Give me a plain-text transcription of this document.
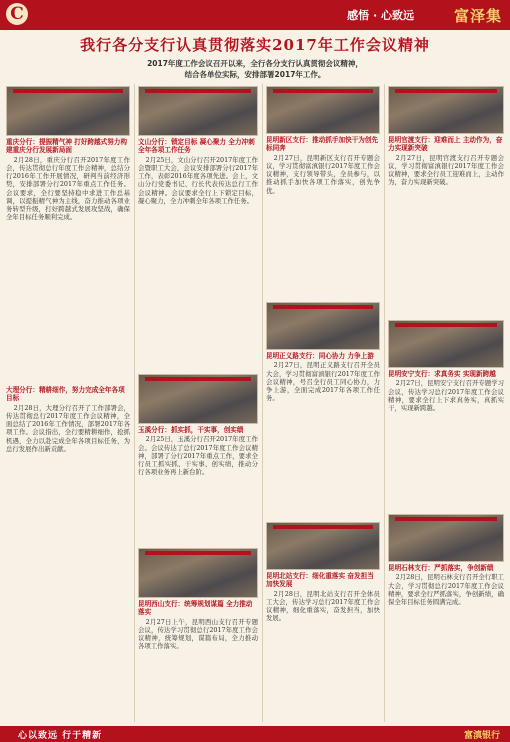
C	感悟 · 心致远	富泽集
我行各分支行认真贯彻落实2017年工作会议精神
2017年度工作会议召开以来，全行各分支行认真贯彻会议精神，
结合各单位实际，安排部署2017年工作。
重庆分行：提振精气神 打好跨越式努力构建重庆分行发展新局面
2月28日，重庆分行召开2017年度工作会，传达贯彻总行年度工作会精神，总结分行2016年工作开展情况，研判当前经济形势，安排部署分行2017年重点工作任务。会议要求，全行要坚持稳中求进工作总基调，以提振精气神为主线，奋力推动各项业务转型升级，打好跨越式发展攻坚战，确保全年目标任务顺利完成。
大理分行：精耕细作，努力完成全年各项目标
2月28日，大理分行召开了工作部署会，传达贯彻总行2017年度工作会议精神，全面总结了2016年工作情况，部署2017年各项工作。会议指出，全行要精耕细作，抢抓机遇，全力以赴完成全年各项目标任务，为总行发展作出新贡献。
文山分行：锁定目标 凝心聚力 全力冲刺全年各项工作任务
2月25日，文山分行召开2017年度工作会暨职工大会，会议安排部署分行2017年工作，表彰2016年度各项先进。会上，文山分行党委书记、行长代表传达总行工作会议精神。会议要求全行上下锁定目标，凝心聚力，全力冲刺全年各项工作任务。
玉溪分行：抓实抓，干实事，创实绩
2月25日，玉溪分行召开2017年度工作会。会议传达了总行2017年度工作会议精神，部署了分行2017年重点工作，要求全行员工抓实抓、干实事、创实绩，推动分行各项业务再上新台阶。
昆明西山支行：统筹规划谋篇 全力推动落实
2月27日上午，昆明西山支行召开专题会议，传达学习贯彻总行2017年度工作会议精神，统筹规划，谋篇布局，全力推动各项工作落实。
昆明新区支行：推动抓手加快干为创先标同奔
2月27日，昆明新区支行召开专题会议，学习贯彻富滇银行2017年度工作会议精神，支行领导带头，全员参与，以推动抓手加快各项工作落实，创先争优。
昆明正义路支行：同心协力 力争上游
2月27日，昆明正义路支行召开全员大会，学习贯彻富滇银行2017年度工作会议精神，号召全行员工同心协力，力争上游，全面完成2017年各项工作任务。
昆明北站支行：细化重落实 奋发担当加快发展
2月28日，昆明北站支行召开全体员工大会，传达学习总行2017年度工作会议精神，细化重落实，奋发担当，加快发展。
昆明官渡支行：迎难而上 主动作为，奋力实现新突破
2月27日，昆明官渡支行召开专题会议，学习贯彻富滇银行2017年度工作会议精神，要求全行员工迎难而上，主动作为，奋力实现新突破。
昆明安宁支行：求真务实 实现新跨越
2月27日，昆明安宁支行召开专题学习会议，传达学习总行2017年度工作会议精神，要求全行上下求真务实，真抓实干，实现新跨越。
昆明石林支行：严抓落实，争创新绩
2月28日，昆明石林支行召开全行职工大会，学习贯彻总行2017年度工作会议精神，要求全行严抓落实，争创新绩，确保全年目标任务圆满完成。
心以致远 行于精新	富滇银行
